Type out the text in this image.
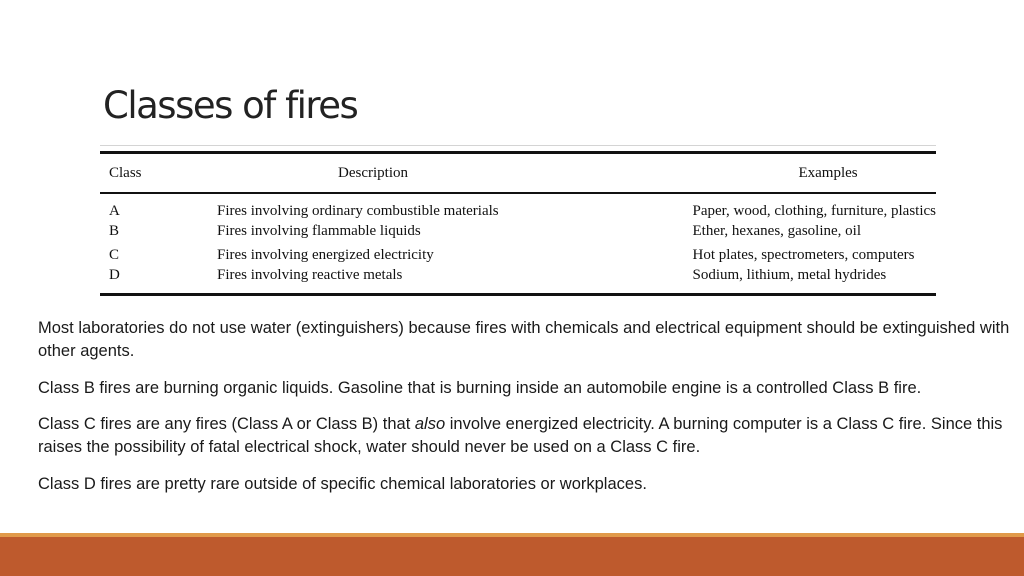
Classes of fires
Class	Description	Examples
A	Fires involving ordinary combustible materials	Paper, wood, clothing, furniture, plastics
B	Fires involving flammable liquids	Ether, hexanes, gasoline, oil
C	Fires involving energized electricity	Hot plates, spectrometers, computers
D	Fires involving reactive metals	Sodium, lithium, metal hydrides

Most laboratories do not use water (extinguishers) because fires with chemicals and electrical equipment should be extinguished with other agents.

Class B fires are burning organic liquids. Gasoline that is burning inside an automobile engine is a controlled Class B fire.

Class C fires are any fires (Class A or Class B) that also involve energized electricity. A burning computer is a Class C fire. Since this raises the possibility of fatal electrical shock, water should never be used on a Class C fire.

Class D fires are pretty rare outside of specific chemical laboratories or workplaces.
